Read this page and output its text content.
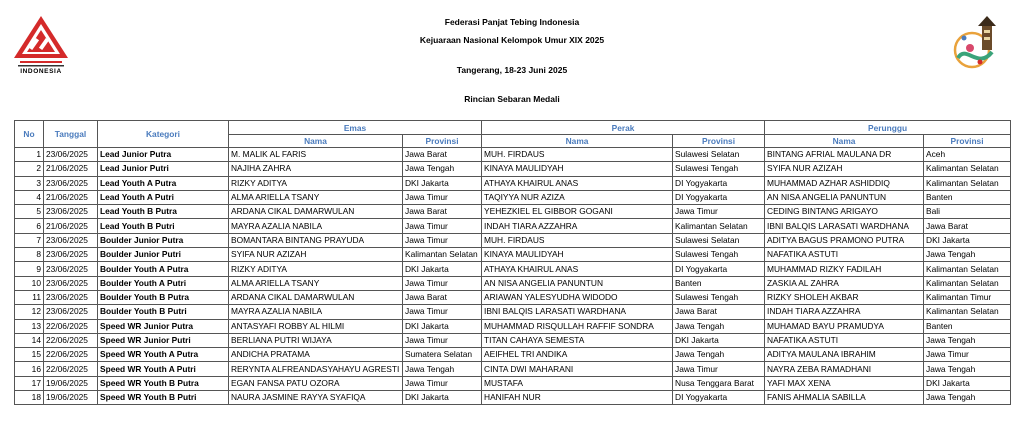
INDONESIA
Federasi Panjat Tebing Indonesia
Kejuaraan Nasional Kelompok Umur XIX 2025
Tangerang, 18-23 Juni 2025
Rincian Sebaran Medali
No	Tanggal	Kategori	Emas		Perak		Perunggu	
			Nama	Provinsi	Nama	Provinsi	Nama	Provinsi
1	23/06/2025	Lead Junior Putra	M. MALIK AL FARIS	Jawa Barat	MUH. FIRDAUS	Sulawesi Selatan	BINTANG AFRIAL MAULANA DR	Aceh
2	21/06/2025	Lead Junior Putri	NAJIHA ZAHRA	Jawa Tengah	KINAYA MAULIDYAH	Sulawesi Tengah	SYIFA NUR AZIZAH	Kalimantan Selatan
3	23/06/2025	Lead Youth A Putra	RIZKY ADITYA	DKI Jakarta	ATHAYA KHAIRUL ANAS	DI Yogyakarta	MUHAMMAD AZHAR ASHIDDIQ	Kalimantan Selatan
4	21/06/2025	Lead Youth A Putri	ALMA ARIELLA TSANY	Jawa Timur	TAQIYYA NUR AZIZA	DI Yogyakarta	AN NISA ANGELIA PANUNTUN	Banten
5	23/06/2025	Lead Youth B Putra	ARDANA CIKAL DAMARWULAN	Jawa Barat	YEHEZKIEL EL GIBBOR GOGANI	Jawa Timur	CEDING BINTANG ARIGAYO	Bali
6	21/06/2025	Lead Youth B Putri	MAYRA AZALIA NABILA	Jawa Timur	INDAH TIARA AZZAHRA	Kalimantan Selatan	IBNI BALQIS LARASATI WARDHANA	Jawa Barat
7	23/06/2025	Boulder Junior Putra	BOMANTARA BINTANG PRAYUDA	Jawa Timur	MUH. FIRDAUS	Sulawesi Selatan	ADITYA BAGUS PRAMONO PUTRA	DKI Jakarta
8	23/06/2025	Boulder Junior Putri	SYIFA NUR AZIZAH	Kalimantan Selatan	KINAYA MAULIDYAH	Sulawesi Tengah	NAFATIKA ASTUTI	Jawa Tengah
9	23/06/2025	Boulder Youth A Putra	RIZKY ADITYA	DKI Jakarta	ATHAYA KHAIRUL ANAS	DI Yogyakarta	MUHAMMAD RIZKY FADILAH	Kalimantan Selatan
10	23/06/2025	Boulder Youth A Putri	ALMA ARIELLA TSANY	Jawa Timur	AN NISA ANGELIA PANUNTUN	Banten	ZASKIA AL ZAHRA	Kalimantan Selatan
11	23/06/2025	Boulder Youth B Putra	ARDANA CIKAL DAMARWULAN	Jawa Barat	ARIAWAN YALESYUDHA WIDODO	Sulawesi Tengah	RIZKY SHOLEH AKBAR	Kalimantan Timur
12	23/06/2025	Boulder Youth B Putri	MAYRA AZALIA NABILA	Jawa Timur	IBNI BALQIS LARASATI WARDHANA	Jawa Barat	INDAH TIARA AZZAHRA	Kalimantan Selatan
13	22/06/2025	Speed WR Junior Putra	ANTASYAFI ROBBY AL HILMI	DKI Jakarta	MUHAMMAD RISQULLAH RAFFIF SONDRA	Jawa Tengah	MUHAMAD BAYU PRAMUDYA	Banten
14	22/06/2025	Speed WR Junior Putri	BERLIANA PUTRI WIJAYA	Jawa Timur	TITAN CAHAYA SEMESTA	DKI Jakarta	NAFATIKA ASTUTI	Jawa Tengah
15	22/06/2025	Speed WR Youth A Putra	ANDICHA PRATAMA	Sumatera Selatan	AEIFHEL TRI ANDIKA	Jawa Tengah	ADITYA MAULANA IBRAHIM	Jawa Timur
16	22/06/2025	Speed WR Youth A Putri	RERYNTA ALFREANDASYAHAYU AGRESTI	Jawa Tengah	CINTA DWI MAHARANI	Jawa Timur	NAYRA ZEBA RAMADHANI	Jawa Tengah
17	19/06/2025	Speed WR Youth B Putra	EGAN FANSA PATU OZORA	Jawa Timur	MUSTAFA	Nusa Tenggara Barat	YAFI MAX XENA	DKI Jakarta
18	19/06/2025	Speed WR Youth B Putri	NAURA JASMINE RAYYA SYAFIQA	DKI Jakarta	HANIFAH NUR	DI Yogyakarta	FANIS AHMALIA SABILLA	Jawa Tengah
